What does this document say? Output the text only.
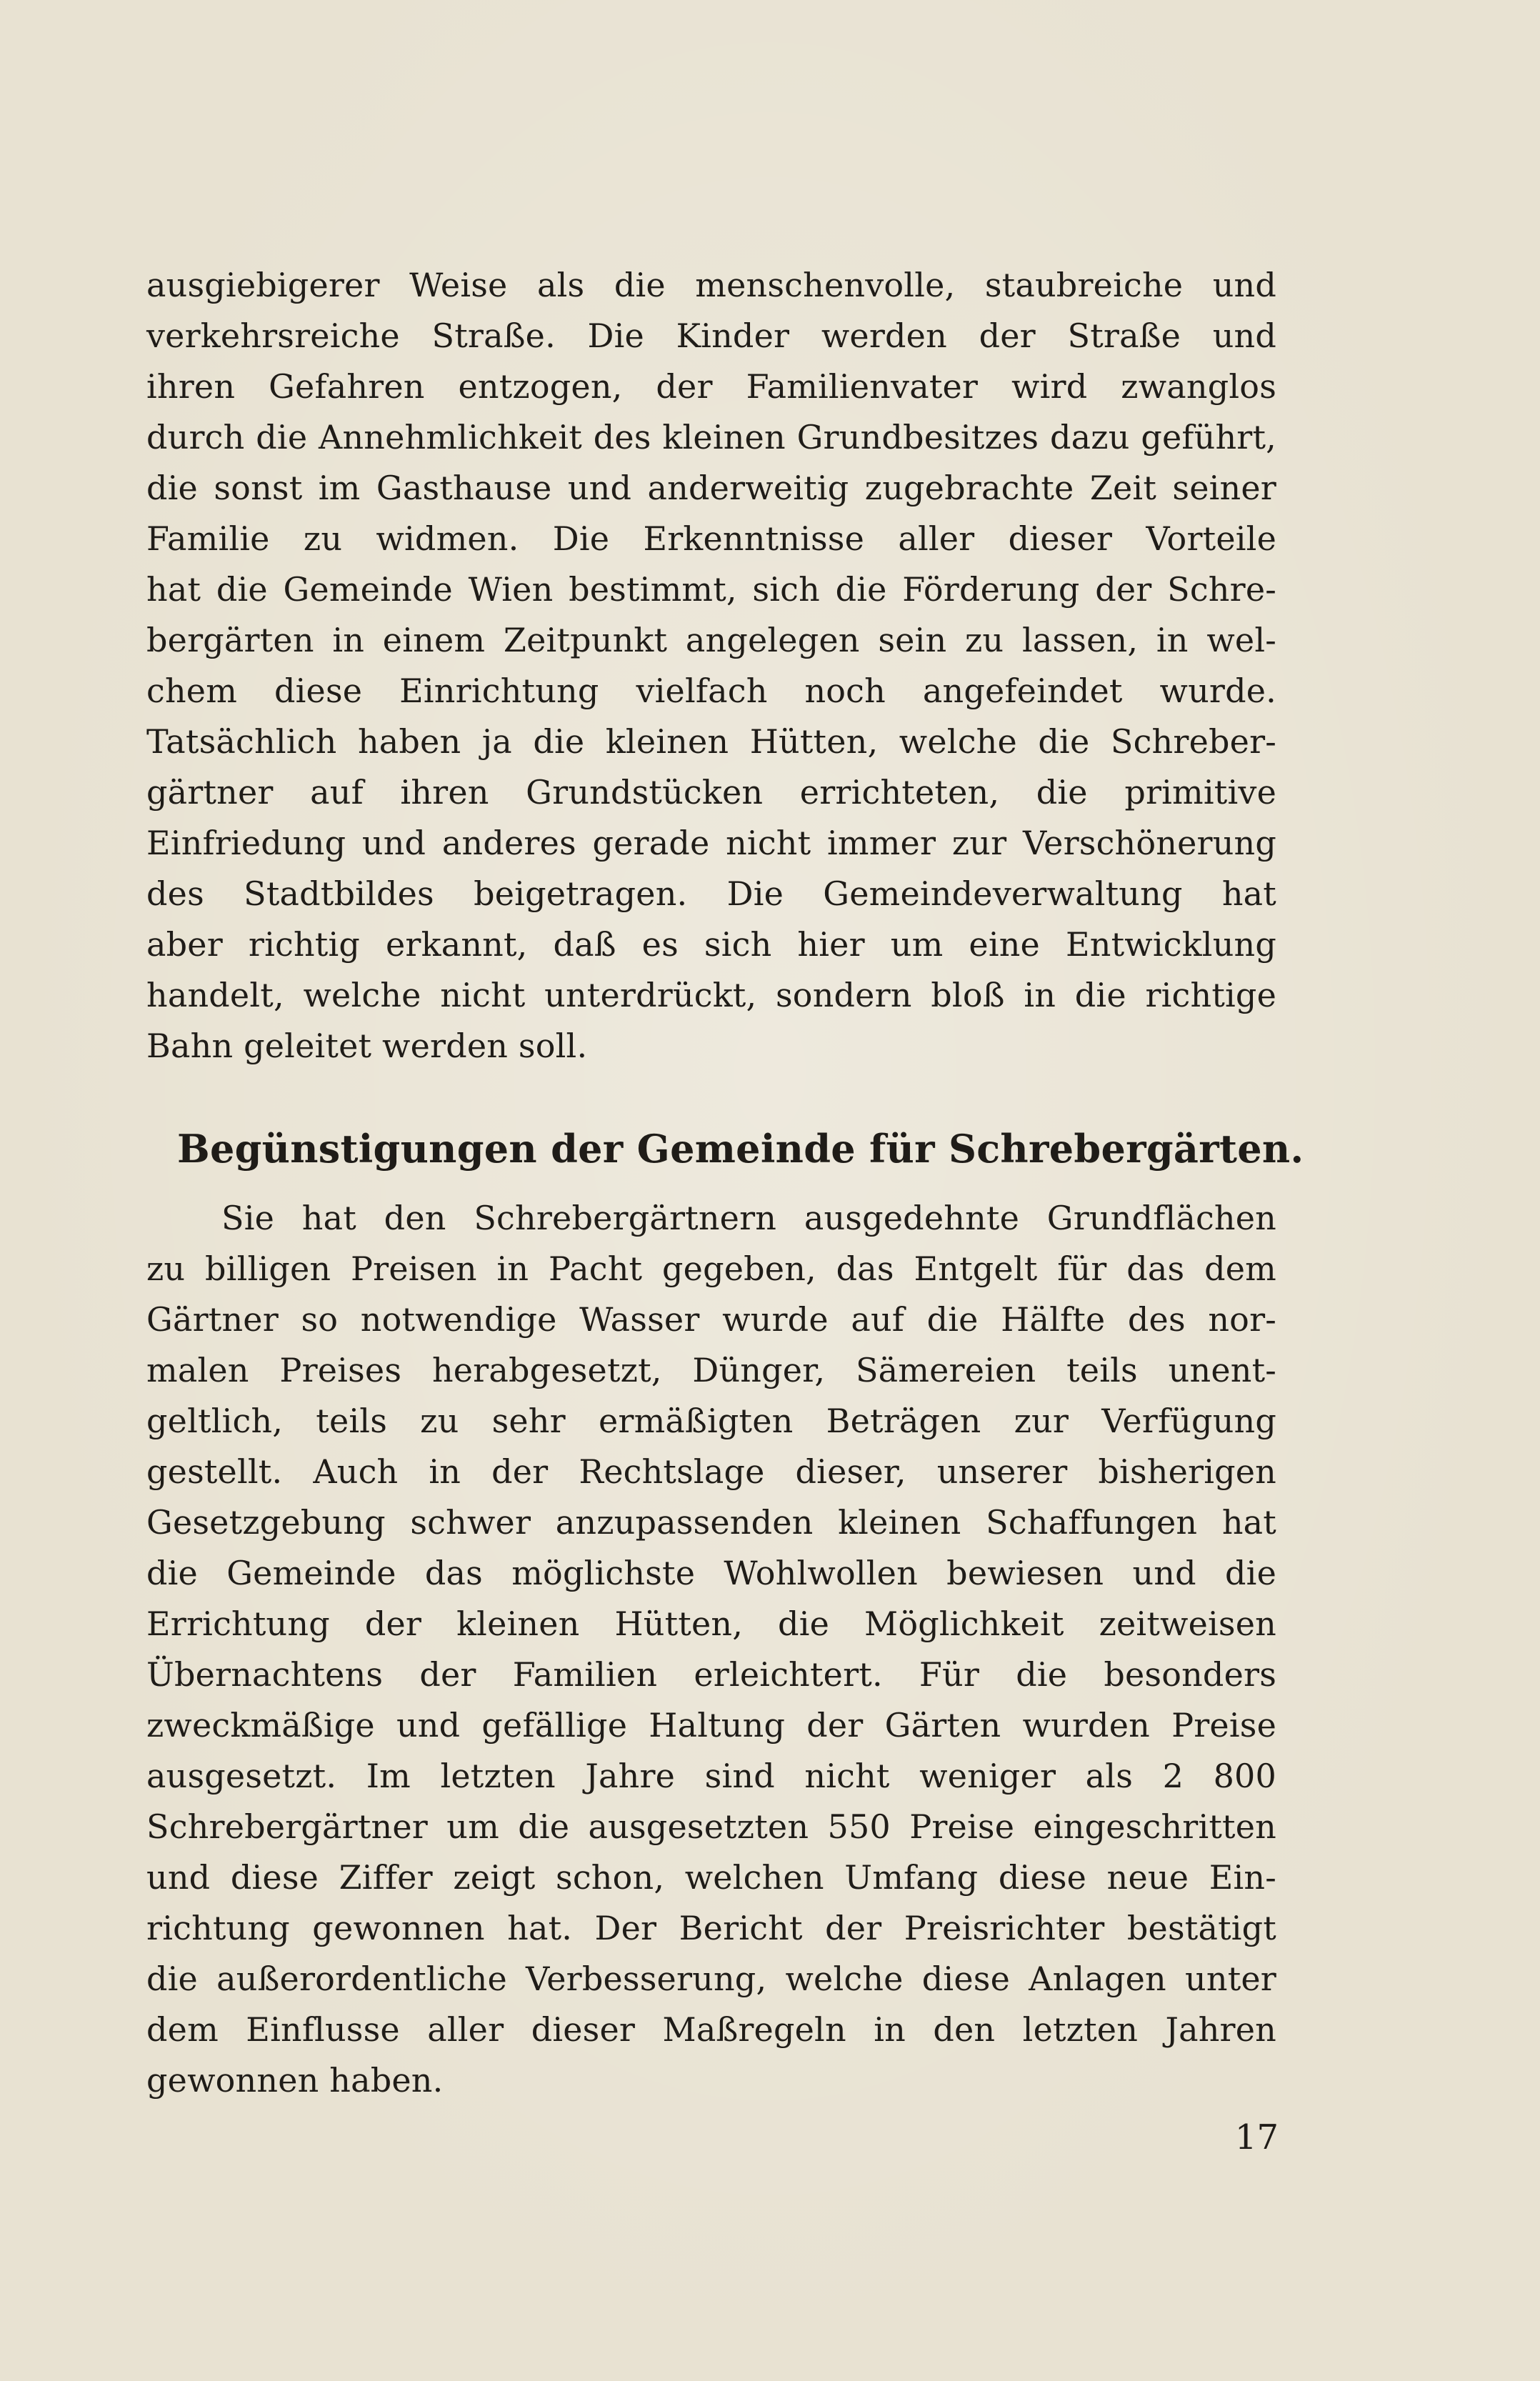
ausgiebigerer Weise als die menschenvolle, staubreiche und
verkehrsreiche Straße. Die Kinder werden der Straße und
ihren Gefahren entzogen, der Familienvater wird zwanglos
durch die Annehmlichkeit des kleinen Grundbesitzes dazu geführt,
die sonst im Gasthause und anderweitig zugebrachte Zeit seiner
Familie zu widmen. Die Erkenntnisse aller dieser Vorteile
hat die Gemeinde Wien bestimmt, sich die Förderung der Schre-
bergärten in einem Zeitpunkt angelegen sein zu lassen, in wel-
chem diese Einrichtung vielfach noch angefeindet wurde.
Tatsächlich haben ja die kleinen Hütten, welche die Schreber-
gärtner auf ihren Grundstücken errichteten, die primitive
Einfriedung und anderes gerade nicht immer zur Verschönerung
des Stadtbildes beigetragen. Die Gemeindeverwaltung hat
aber richtig erkannt, daß es sich hier um eine Entwicklung
handelt, welche nicht unterdrückt, sondern bloß in die richtige
Bahn geleitet werden soll.
Begünstigungen der Gemeinde für Schrebergärten.
Sie hat den Schrebergärtnern ausgedehnte Grundflächen
zu billigen Preisen in Pacht gegeben, das Entgelt für das dem
Gärtner so notwendige Wasser wurde auf die Hälfte des nor-
malen Preises herabgesetzt, Dünger, Sämereien teils unent-
geltlich, teils zu sehr ermäßigten Beträgen zur Verfügung
gestellt. Auch in der Rechtslage dieser, unserer bisherigen
Gesetzgebung schwer anzupassenden kleinen Schaffungen hat
die Gemeinde das möglichste Wohlwollen bewiesen und die
Errichtung der kleinen Hütten, die Möglichkeit zeitweisen
Übernachtens der Familien erleichtert. Für die besonders
zweckmäßige und gefällige Haltung der Gärten wurden Preise
ausgesetzt. Im letzten Jahre sind nicht weniger als 2 800
Schrebergärtner um die ausgesetzten 550 Preise eingeschritten
und diese Ziffer zeigt schon, welchen Umfang diese neue Ein-
richtung gewonnen hat. Der Bericht der Preisrichter bestätigt
die außerordentliche Verbesserung, welche diese Anlagen unter
dem Einflusse aller dieser Maßregeln in den letzten Jahren
gewonnen haben.
17
